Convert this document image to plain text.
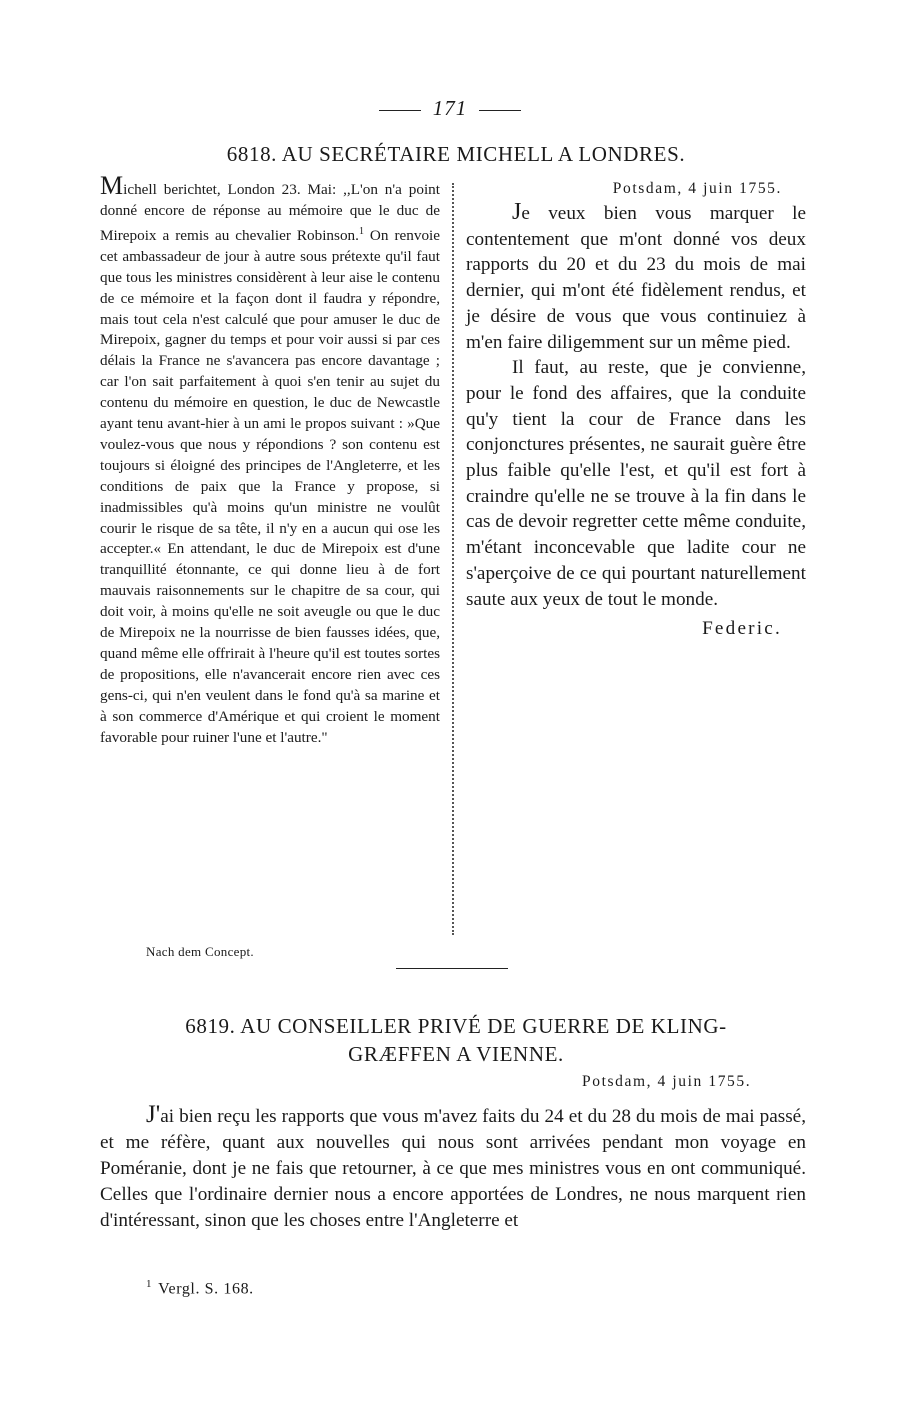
171
6818. AU SECRÉTAIRE MICHELL A LONDRES.

Michell berichtet, London 23. Mai: ,,L'on n'a point donné encore de réponse au mémoire que le duc de Mirepoix a remis au chevalier Robinson.$^1$ On renvoie cet ambassadeur de jour à autre sous prétexte qu'il faut que tous les ministres considèrent à leur aise le contenu de ce mémoire et la façon dont il faudra y répondre, mais tout cela n'est calculé que pour amuser le duc de Mirepoix, gagner du temps et pour voir aussi si par ces délais la France ne s'avancera pas encore davantage ; car l'on sait parfaitement à quoi s'en tenir au sujet du contenu du mémoire en question, le duc de Newcastle ayant tenu avant-hier à un ami le propos suivant : »Que voulez-vous que nous y répondions ? son contenu est toujours si éloigné des principes de l'Angleterre, et les conditions de paix que la France y propose, si inadmissibles qu'à moins qu'un ministre ne voulût courir le risque de sa tête, il n'y en a aucun qui ose les accepter.« En attendant, le duc de Mirepoix est d'une tranquillité étonnante, ce qui donne lieu à de fort mauvais raisonnements sur le chapitre de sa cour, qui doit voir, à moins qu'elle ne soit aveugle ou que le duc de Mirepoix ne la nourrisse de bien fausses idées, que, quand même elle offrirait à l'heure qu'il est toutes sortes de propositions, elle n'avancerait encore rien avec ces gens-ci, qui n'en veulent dans le fond qu'à sa marine et à son commerce d'Amérique et qui croient le moment favorable pour ruiner l'une et l'autre."

Potsdam, 4 juin 1755.

Je veux bien vous marquer le contentement que m'ont donné vos deux rapports du 20 et du 23 du mois de mai dernier, qui m'ont été fidèlement rendus, et je désire de vous que vous continuiez à m'en faire diligemment sur un même pied.

Il faut, au reste, que je convienne, pour le fond des affaires, que la conduite qu'y tient la cour de France dans les conjonctures présentes, ne saurait guère être plus faible qu'elle l'est, et qu'il est fort à craindre qu'elle ne se trouve à la fin dans le cas de devoir regretter cette même conduite, m'étant inconcevable que ladite cour ne s'aperçoive de ce qui pourtant naturellement saute aux yeux de tout le monde.

Federic.

Nach dem Concept.
6819. AU CONSEILLER PRIVÉ DE GUERRE DE KLING-
GRÆFFEN A VIENNE.
Potsdam, 4 juin 1755.

J'ai bien reçu les rapports que vous m'avez faits du 24 et du 28 du mois de mai passé, et me réfère, quant aux nouvelles qui nous sont arrivées pendant mon voyage en Poméranie, dont je ne fais que retourner, à ce que mes ministres vous en ont communiqué. Celles que l'ordinaire dernier nous a encore apportées de Londres, ne nous marquent rien d'intéressant, sinon que les choses entre l'Angleterre et

$^1$ Vergl. S. 168.
